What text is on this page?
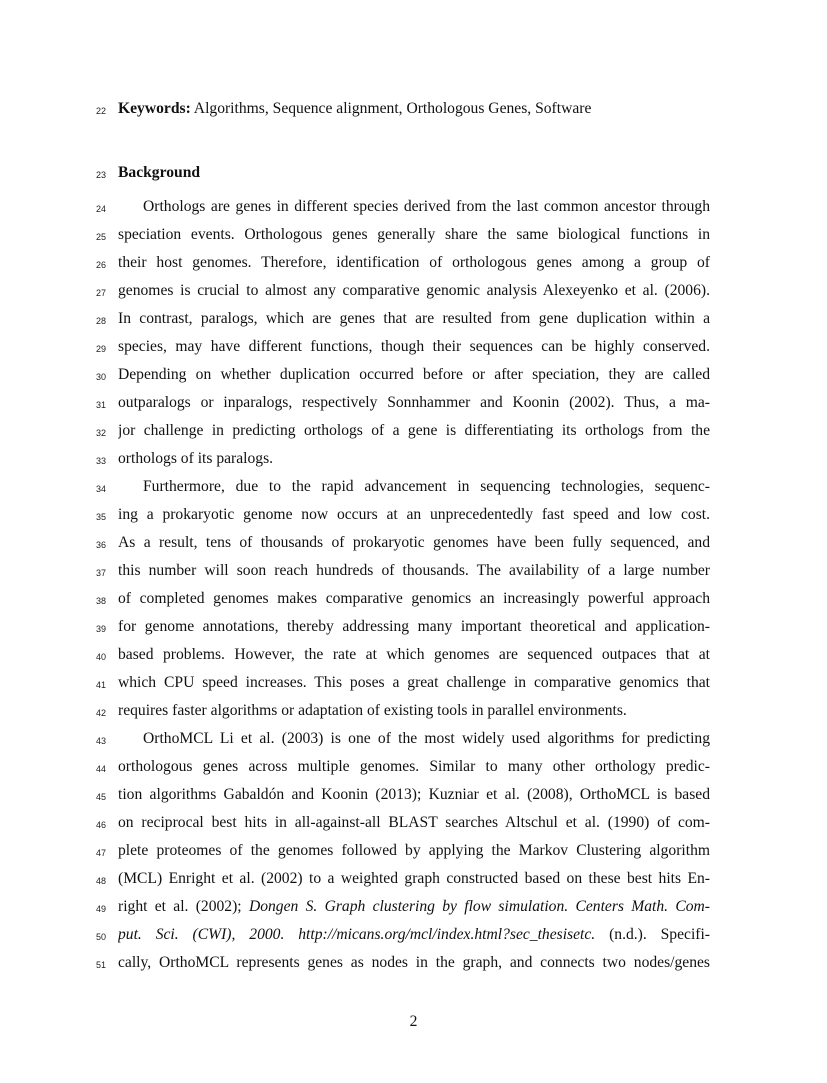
22 Keywords: Algorithms, Sequence alignment, Orthologous Genes, Software
23 Background
24 Orthologs are genes in different species derived from the last common ancestor through
25 speciation events. Orthologous genes generally share the same biological functions in
26 their host genomes. Therefore, identification of orthologous genes among a group of
27 genomes is crucial to almost any comparative genomic analysis Alexeyenko et al. (2006).
28 In contrast, paralogs, which are genes that are resulted from gene duplication within a
29 species, may have different functions, though their sequences can be highly conserved.
30 Depending on whether duplication occurred before or after speciation, they are called
31 outparalogs or inparalogs, respectively Sonnhammer and Koonin (2002). Thus, a ma-
32 jor challenge in predicting orthologs of a gene is differentiating its orthologs from the
33 orthologs of its paralogs.
34 Furthermore, due to the rapid advancement in sequencing technologies, sequenc-
35 ing a prokaryotic genome now occurs at an unprecedentedly fast speed and low cost.
36 As a result, tens of thousands of prokaryotic genomes have been fully sequenced, and
37 this number will soon reach hundreds of thousands. The availability of a large number
38 of completed genomes makes comparative genomics an increasingly powerful approach
39 for genome annotations, thereby addressing many important theoretical and application-
40 based problems. However, the rate at which genomes are sequenced outpaces that at
41 which CPU speed increases. This poses a great challenge in comparative genomics that
42 requires faster algorithms or adaptation of existing tools in parallel environments.
43 OrthoMCL Li et al. (2003) is one of the most widely used algorithms for predicting
44 orthologous genes across multiple genomes. Similar to many other orthology predic-
45 tion algorithms Gabaldón and Koonin (2013); Kuzniar et al. (2008), OrthoMCL is based
46 on reciprocal best hits in all-against-all BLAST searches Altschul et al. (1990) of com-
47 plete proteomes of the genomes followed by applying the Markov Clustering algorithm
48 (MCL) Enright et al. (2002) to a weighted graph constructed based on these best hits En-
49 right et al. (2002); Dongen S. Graph clustering by flow simulation. Centers Math. Com-
50 put. Sci. (CWI), 2000. http://micans.org/mcl/index.html?sec_thesisetc. (n.d.). Specifi-
51 cally, OrthoMCL represents genes as nodes in the graph, and connects two nodes/genes
2
